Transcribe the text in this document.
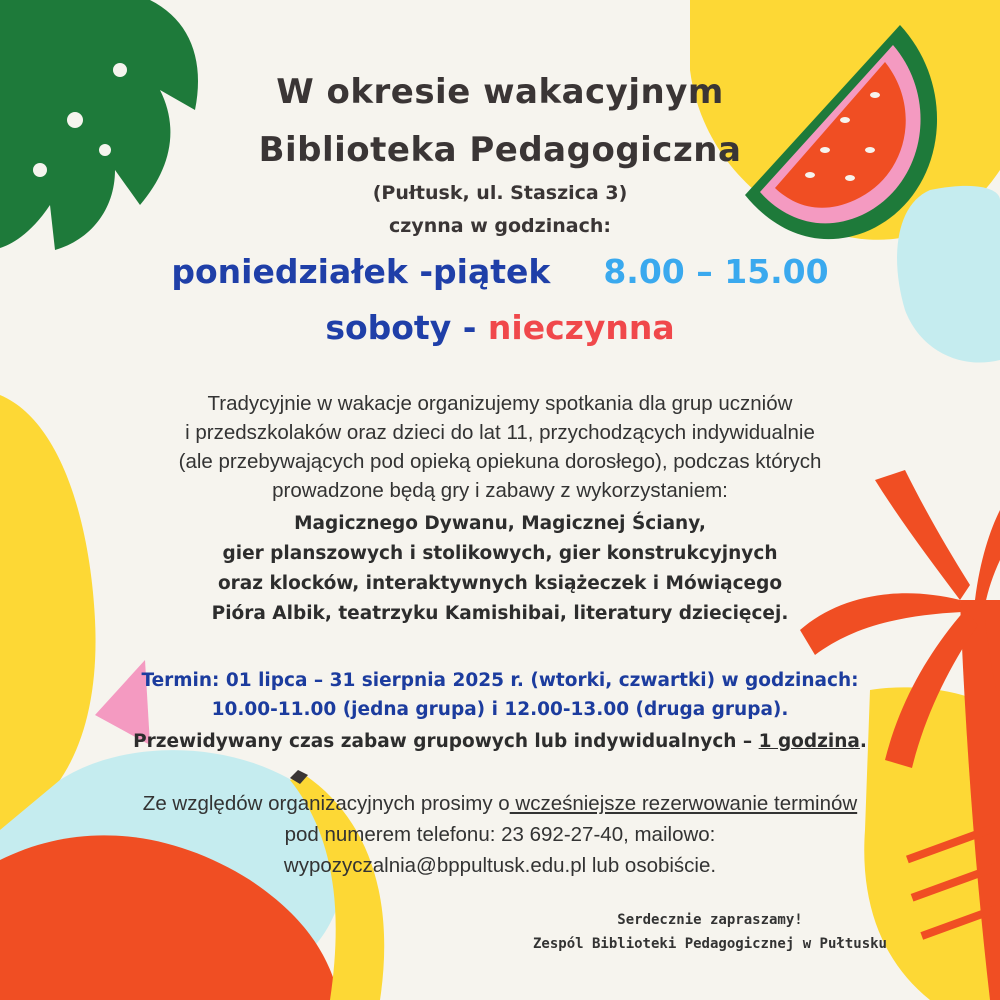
W okresie wakacyjnym

Biblioteka Pedagogiczna

(Pułtusk, ul. Staszica 3)

czynna w godzinach:

poniedziałek -piątek 8.00 – 15.00

soboty - nieczynna

Tradycyjnie w wakacje organizujemy spotkania dla grup uczniów
i przedszkolaków oraz dzieci do lat 11, przychodzących indywidualnie
(ale przebywających pod opieką opiekuna dorosłego), podczas których
prowadzone będą gry i zabawy z wykorzystaniem:
Magicznego Dywanu, Magicznej Ściany,
gier planszowych i stolikowych, gier konstrukcyjnych
oraz klocków, interaktywnych książeczek i Mówiącego
Pióra Albik, teatrzyku Kamishibai, literatury dziecięcej.
Termin: 01 lipca – 31 sierpnia 2025 r. (wtorki, czwartki) w godzinach:
10.00-11.00 (jedna grupa) i 12.00-13.00 (druga grupa).

Przewidywany czas zabaw grupowych lub indywidualnych – 1 godzina.

Ze względów organizacyjnych prosimy o wcześniejsze rezerwowanie terminów
pod numerem telefonu: 23 692-27-40, mailowo:
wypozyczalnia@bppultusk.edu.pl lub osobiście.
Serdecznie zapraszamy!
Zespól Biblioteki Pedagogicznej w Pułtusku
